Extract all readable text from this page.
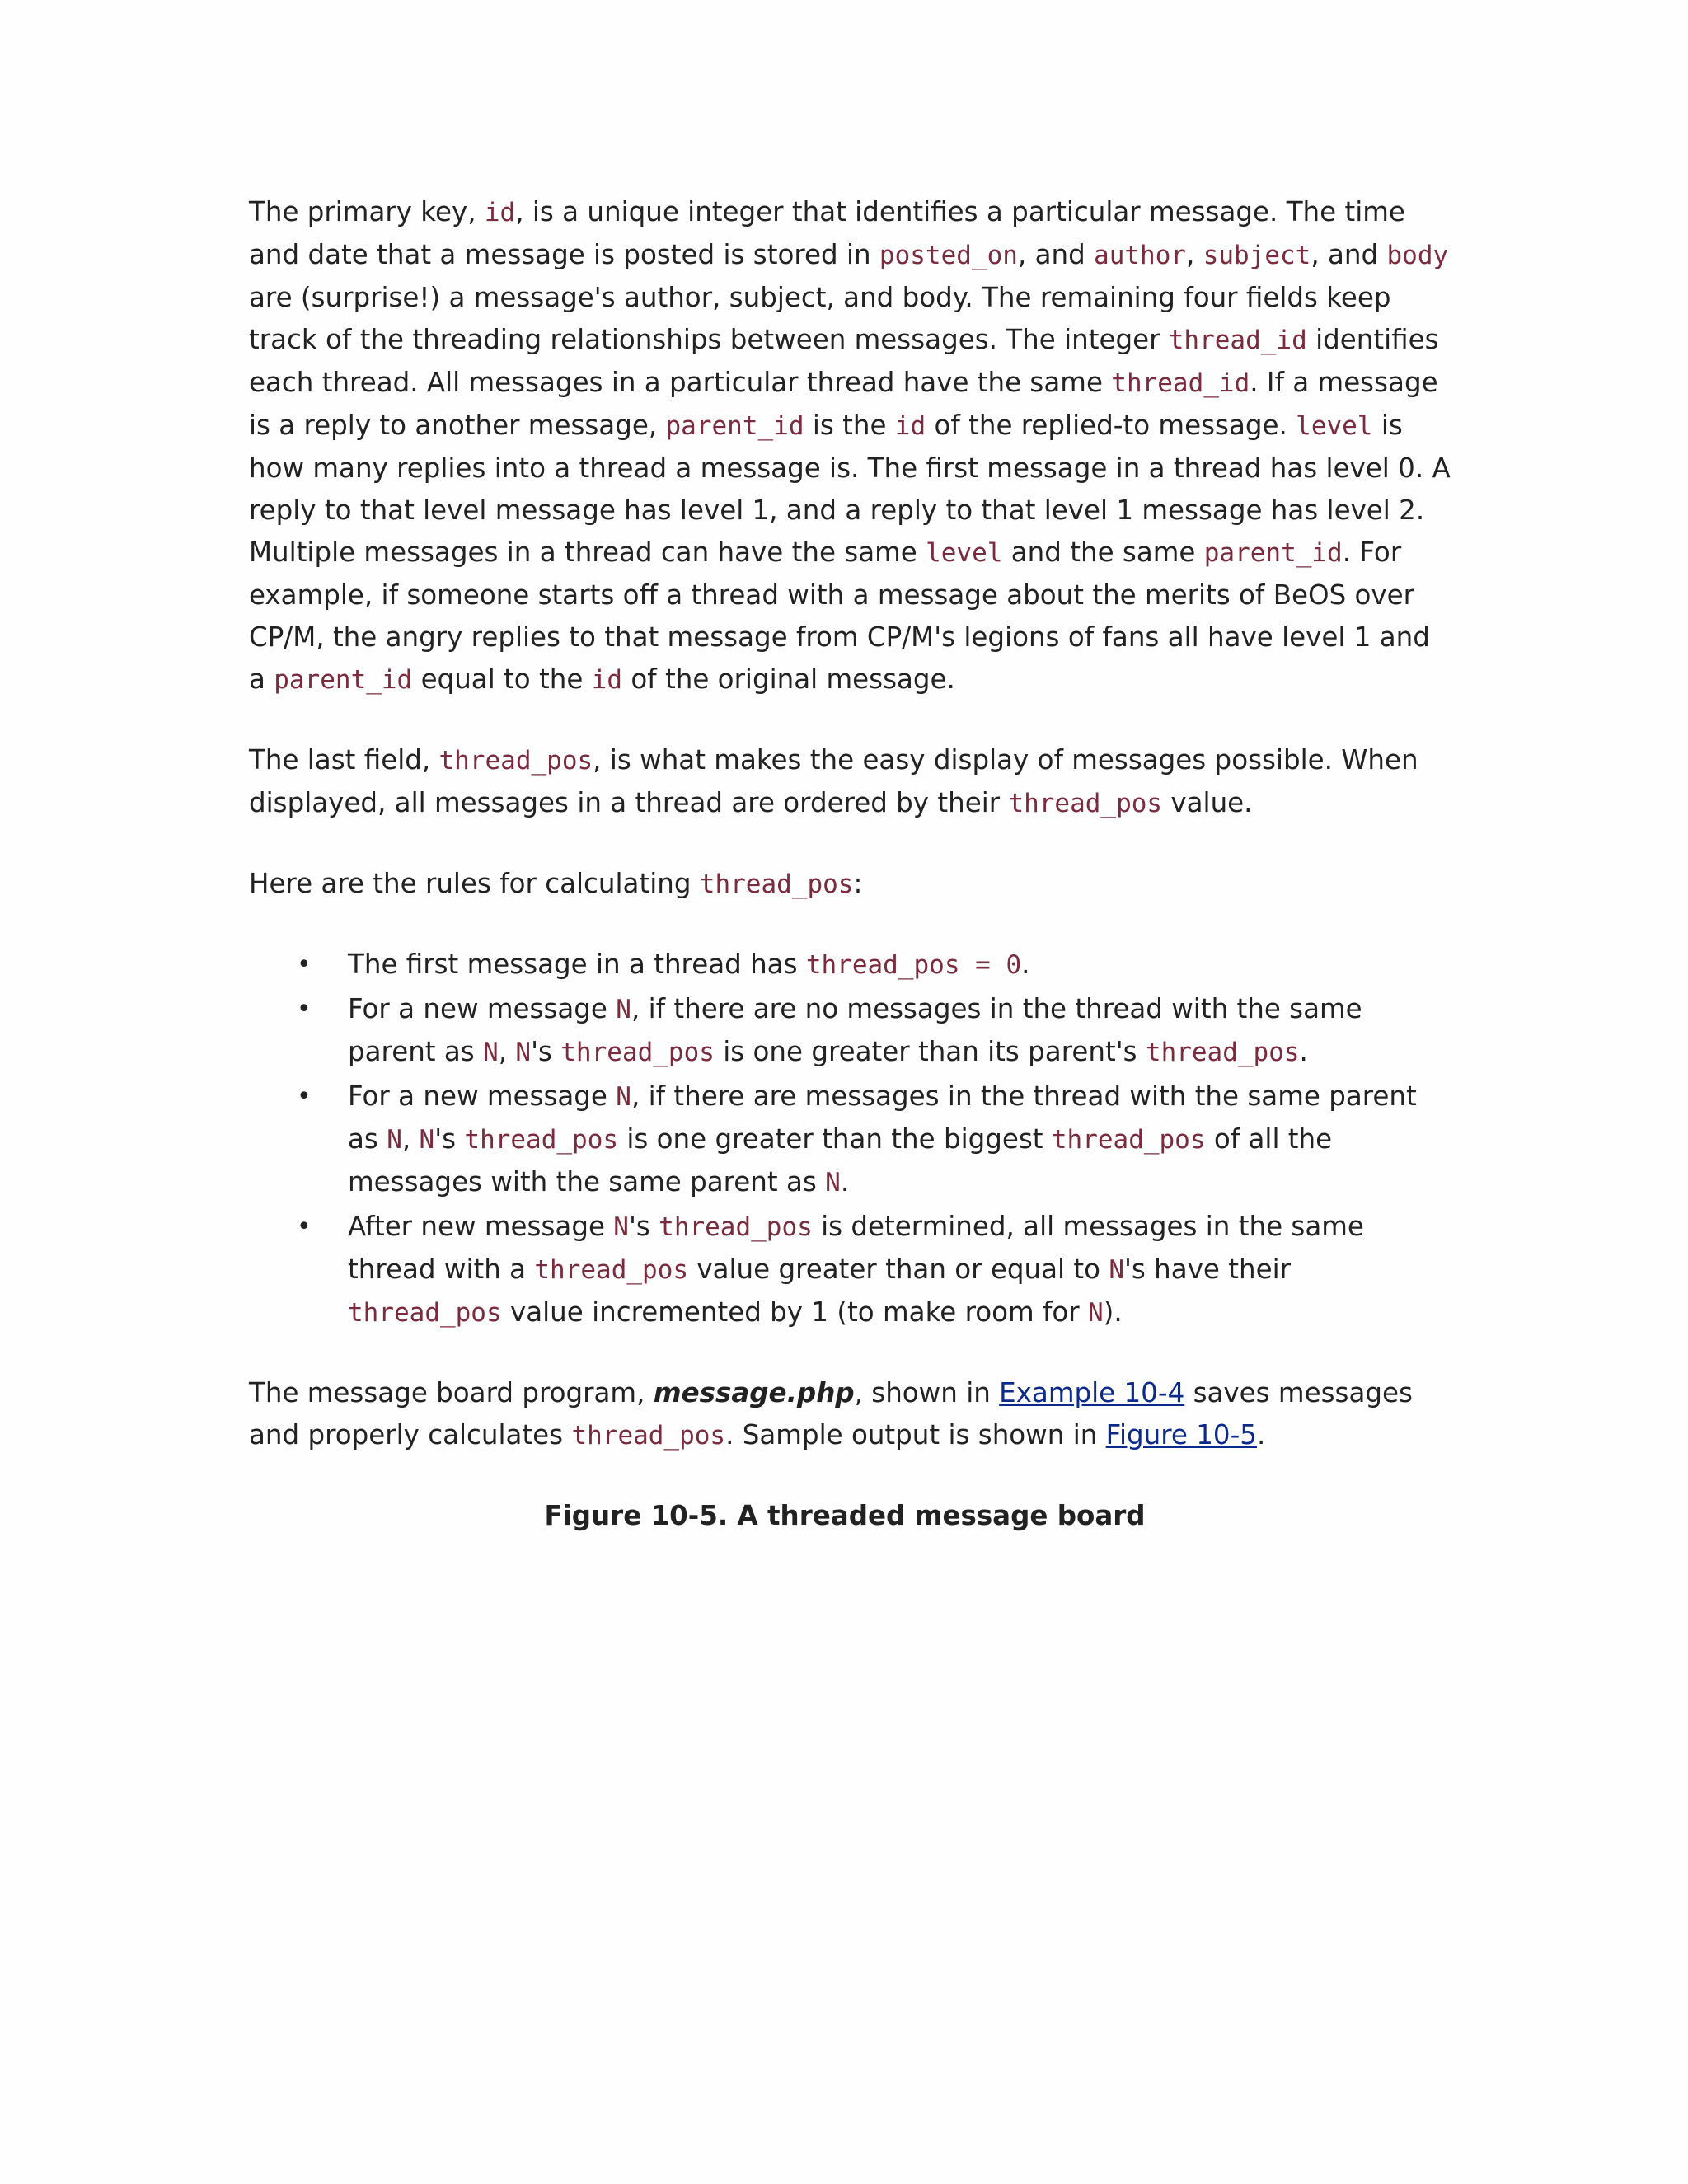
The primary key, id, is a unique integer that identifies a particular message. The time and date that a message is posted is stored in posted_on, and author, subject, and body are (surprise!) a message's author, subject, and body. The remaining four fields keep track of the threading relationships between messages. The integer thread_id identifies each thread. All messages in a particular thread have the same thread_id. If a message is a reply to another message, parent_id is the id of the replied-to message. level is how many replies into a thread a message is. The first message in a thread has level 0. A reply to that level message has level 1, and a reply to that level 1 message has level 2. Multiple messages in a thread can have the same level and the same parent_id. For example, if someone starts off a thread with a message about the merits of BeOS over CP/M, the angry replies to that message from CP/M's legions of fans all have level 1 and a parent_id equal to the id of the original message.

The last field, thread_pos, is what makes the easy display of messages possible. When displayed, all messages in a thread are ordered by their thread_pos value.

Here are the rules for calculating thread_pos:

• The first message in a thread has thread_pos = 0.
• For a new message N, if there are no messages in the thread with the same parent as N, N's thread_pos is one greater than its parent's thread_pos.
• For a new message N, if there are messages in the thread with the same parent as N, N's thread_pos is one greater than the biggest thread_pos of all the messages with the same parent as N.
• After new message N's thread_pos is determined, all messages in the same thread with a thread_pos value greater than or equal to N's have their thread_pos value incremented by 1 (to make room for N).

The message board program, message.php, shown in Example 10-4 saves messages and properly calculates thread_pos. Sample output is shown in Figure 10-5.

Figure 10-5. A threaded message board
